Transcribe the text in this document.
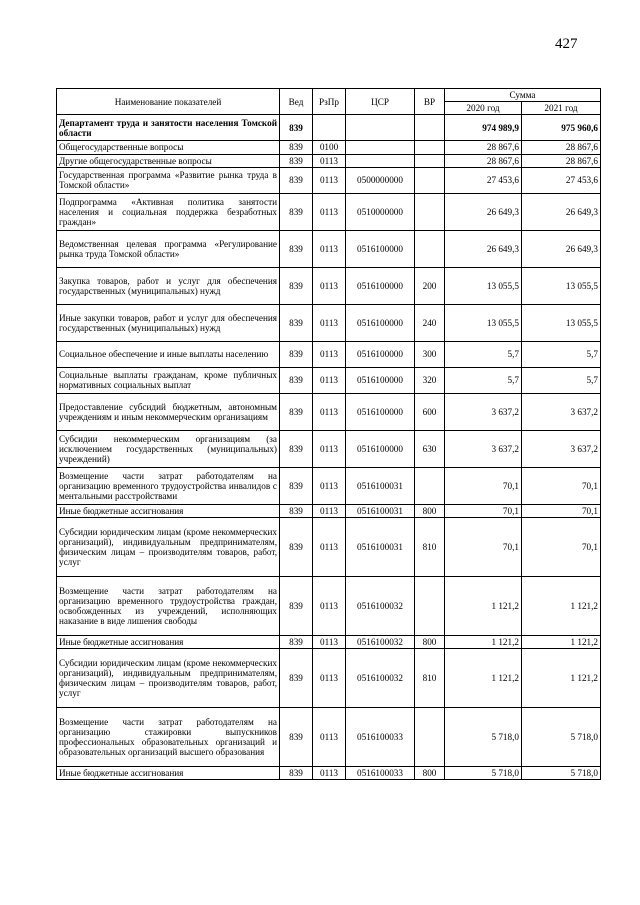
427
Наименование показателей	Вед	РзПр	ЦСР	ВР	Сумма	
					2020 год	2021 год
Департамент труда и занятости населения Томской области	839				974 989,9	975 960,6
Общегосударственные вопросы	839	0100			28 867,6	28 867,6
Другие общегосударственные вопросы	839	0113			28 867,6	28 867,6
Государственная программа «Развитие рынка труда в Томской области»	839	0113	0500000000		27 453,6	27 453,6
Подпрограмма «Активная политика занятости населения и социальная поддержка безработных граждан»	839	0113	0510000000		26 649,3	26 649,3
Ведомственная целевая программа «Регулирование рынка труда Томской области»	839	0113	0516100000		26 649,3	26 649,3
Закупка товаров, работ и услуг для обеспечения государственных (муниципальных) нужд	839	0113	0516100000	200	13 055,5	13 055,5
Иные закупки товаров, работ и услуг для обеспечения государственных (муниципальных) нужд	839	0113	0516100000	240	13 055,5	13 055,5
Социальное обеспечение и иные выплаты населению	839	0113	0516100000	300	5,7	5,7
Социальные выплаты гражданам, кроме публичных нормативных социальных выплат	839	0113	0516100000	320	5,7	5,7
Предоставление субсидий бюджетным, автономным учреждениям и иным некоммерческим организациям	839	0113	0516100000	600	3 637,2	3 637,2
Субсидии некоммерческим организациям (за исключением государственных (муниципальных) учреждений)	839	0113	0516100000	630	3 637,2	3 637,2
Возмещение части затрат работодателям на организацию временного трудоустройства инвалидов с ментальными расстройствами	839	0113	0516100031		70,1	70,1
Иные бюджетные ассигнования	839	0113	0516100031	800	70,1	70,1
Субсидии юридическим лицам (кроме некоммерческих организаций), индивидуальным предпринимателям, физическим лицам – производителям товаров, работ, услуг	839	0113	0516100031	810	70,1	70,1
Возмещение части затрат работодателям на организацию временного трудоустройства граждан, освобожденных из учреждений, исполняющих наказание в виде лишения свободы	839	0113	0516100032		1 121,2	1 121,2
Иные бюджетные ассигнования	839	0113	0516100032	800	1 121,2	1 121,2
Субсидии юридическим лицам (кроме некоммерческих организаций), индивидуальным предпринимателям, физическим лицам – производителям товаров, работ, услуг	839	0113	0516100032	810	1 121,2	1 121,2
Возмещение части затрат работодателям на организацию стажировки выпускников профессиональных образовательных организаций и образовательных организаций высшего образования	839	0113	0516100033		5 718,0	5 718,0
Иные бюджетные ассигнования	839	0113	0516100033	800	5 718,0	5 718,0
